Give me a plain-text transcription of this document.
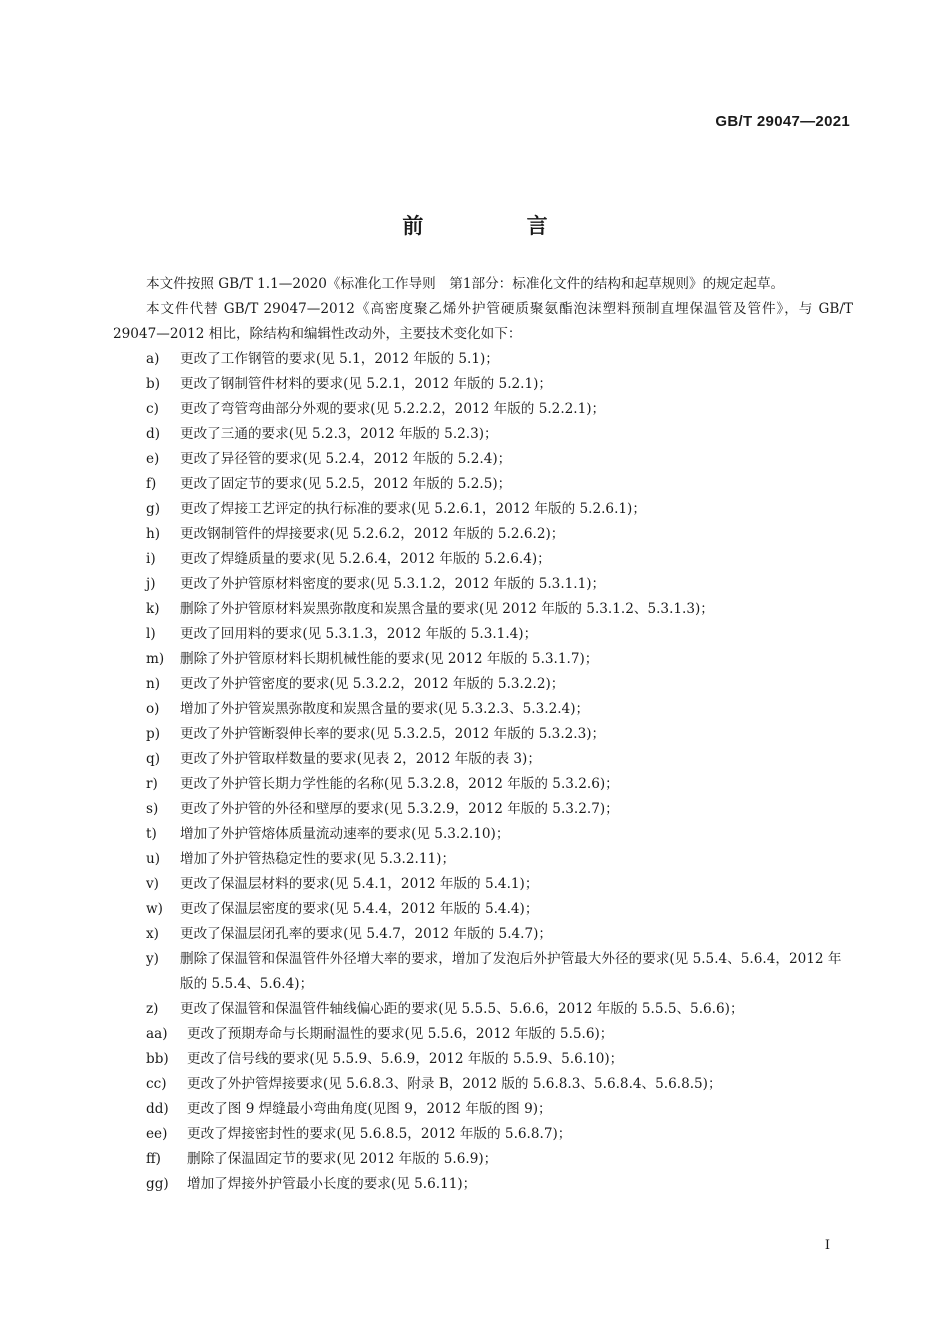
GB/T 29047—2021
前 言

本文件按照 GB/T 1.1—2020《标准化工作导则　第1部分：标准化文件的结构和起草规则》的规定起草。

本文件代替 GB/T 29047—2012《高密度聚乙烯外护管硬质聚氨酯泡沫塑料预制直埋保温管及管件》，与 GB/T 29047—2012 相比，除结构和编辑性改动外，主要技术变化如下：

a)	更改了工作钢管的要求(见 5.1，2012 年版的 5.1)；
b)	更改了钢制管件材料的要求(见 5.2.1，2012 年版的 5.2.1)；
c)	更改了弯管弯曲部分外观的要求(见 5.2.2.2，2012 年版的 5.2.2.1)；
d)	更改了三通的要求(见 5.2.3，2012 年版的 5.2.3)；
e)	更改了异径管的要求(见 5.2.4，2012 年版的 5.2.4)；
f)	更改了固定节的要求(见 5.2.5，2012 年版的 5.2.5)；
g)	更改了焊接工艺评定的执行标准的要求(见 5.2.6.1，2012 年版的 5.2.6.1)；
h)	更改钢制管件的焊接要求(见 5.2.6.2，2012 年版的 5.2.6.2)；
i)	更改了焊缝质量的要求(见 5.2.6.4，2012 年版的 5.2.6.4)；
j)	更改了外护管原材料密度的要求(见 5.3.1.2，2012 年版的 5.3.1.1)；
k)	删除了外护管原材料炭黑弥散度和炭黑含量的要求(见 2012 年版的 5.3.1.2、5.3.1.3)；
l)	更改了回用料的要求(见 5.3.1.3，2012 年版的 5.3.1.4)；
m)	删除了外护管原材料长期机械性能的要求(见 2012 年版的 5.3.1.7)；
n)	更改了外护管密度的要求(见 5.3.2.2，2012 年版的 5.3.2.2)；
o)	增加了外护管炭黑弥散度和炭黑含量的要求(见 5.3.2.3、5.3.2.4)；
p)	更改了外护管断裂伸长率的要求(见 5.3.2.5，2012 年版的 5.3.2.3)；
q)	更改了外护管取样数量的要求(见表 2，2012 年版的表 3)；
r)	更改了外护管长期力学性能的名称(见 5.3.2.8，2012 年版的 5.3.2.6)；
s)	更改了外护管的外径和壁厚的要求(见 5.3.2.9，2012 年版的 5.3.2.7)；
t)	增加了外护管熔体质量流动速率的要求(见 5.3.2.10)；
u)	增加了外护管热稳定性的要求(见 5.3.2.11)；
v)	更改了保温层材料的要求(见 5.4.1，2012 年版的 5.4.1)；
w)	更改了保温层密度的要求(见 5.4.4，2012 年版的 5.4.4)；
x)	更改了保温层闭孔率的要求(见 5.4.7，2012 年版的 5.4.7)；
y)	删除了保温管和保温管件外径增大率的要求，增加了发泡后外护管最大外径的要求(见 5.5.4、5.6.4，2012 年版的 5.5.4、5.6.4)；
z)	更改了保温管和保温管件轴线偏心距的要求(见 5.5.5、5.6.6，2012 年版的 5.5.5、5.6.6)；
aa)	更改了预期寿命与长期耐温性的要求(见 5.5.6，2012 年版的 5.5.6)；
bb)	更改了信号线的要求(见 5.5.9、5.6.9，2012 年版的 5.5.9、5.6.10)；
cc)	更改了外护管焊接要求(见 5.6.8.3、附录 B，2012 版的 5.6.8.3、5.6.8.4、5.6.8.5)；
dd)	更改了图 9 焊缝最小弯曲角度(见图 9，2012 年版的图 9)；
ee)	更改了焊接密封性的要求(见 5.6.8.5，2012 年版的 5.6.8.7)；
ff)	删除了保温固定节的要求(见 2012 年版的 5.6.9)；
gg)	增加了焊接外护管最小长度的要求(见 5.6.11)；
I
